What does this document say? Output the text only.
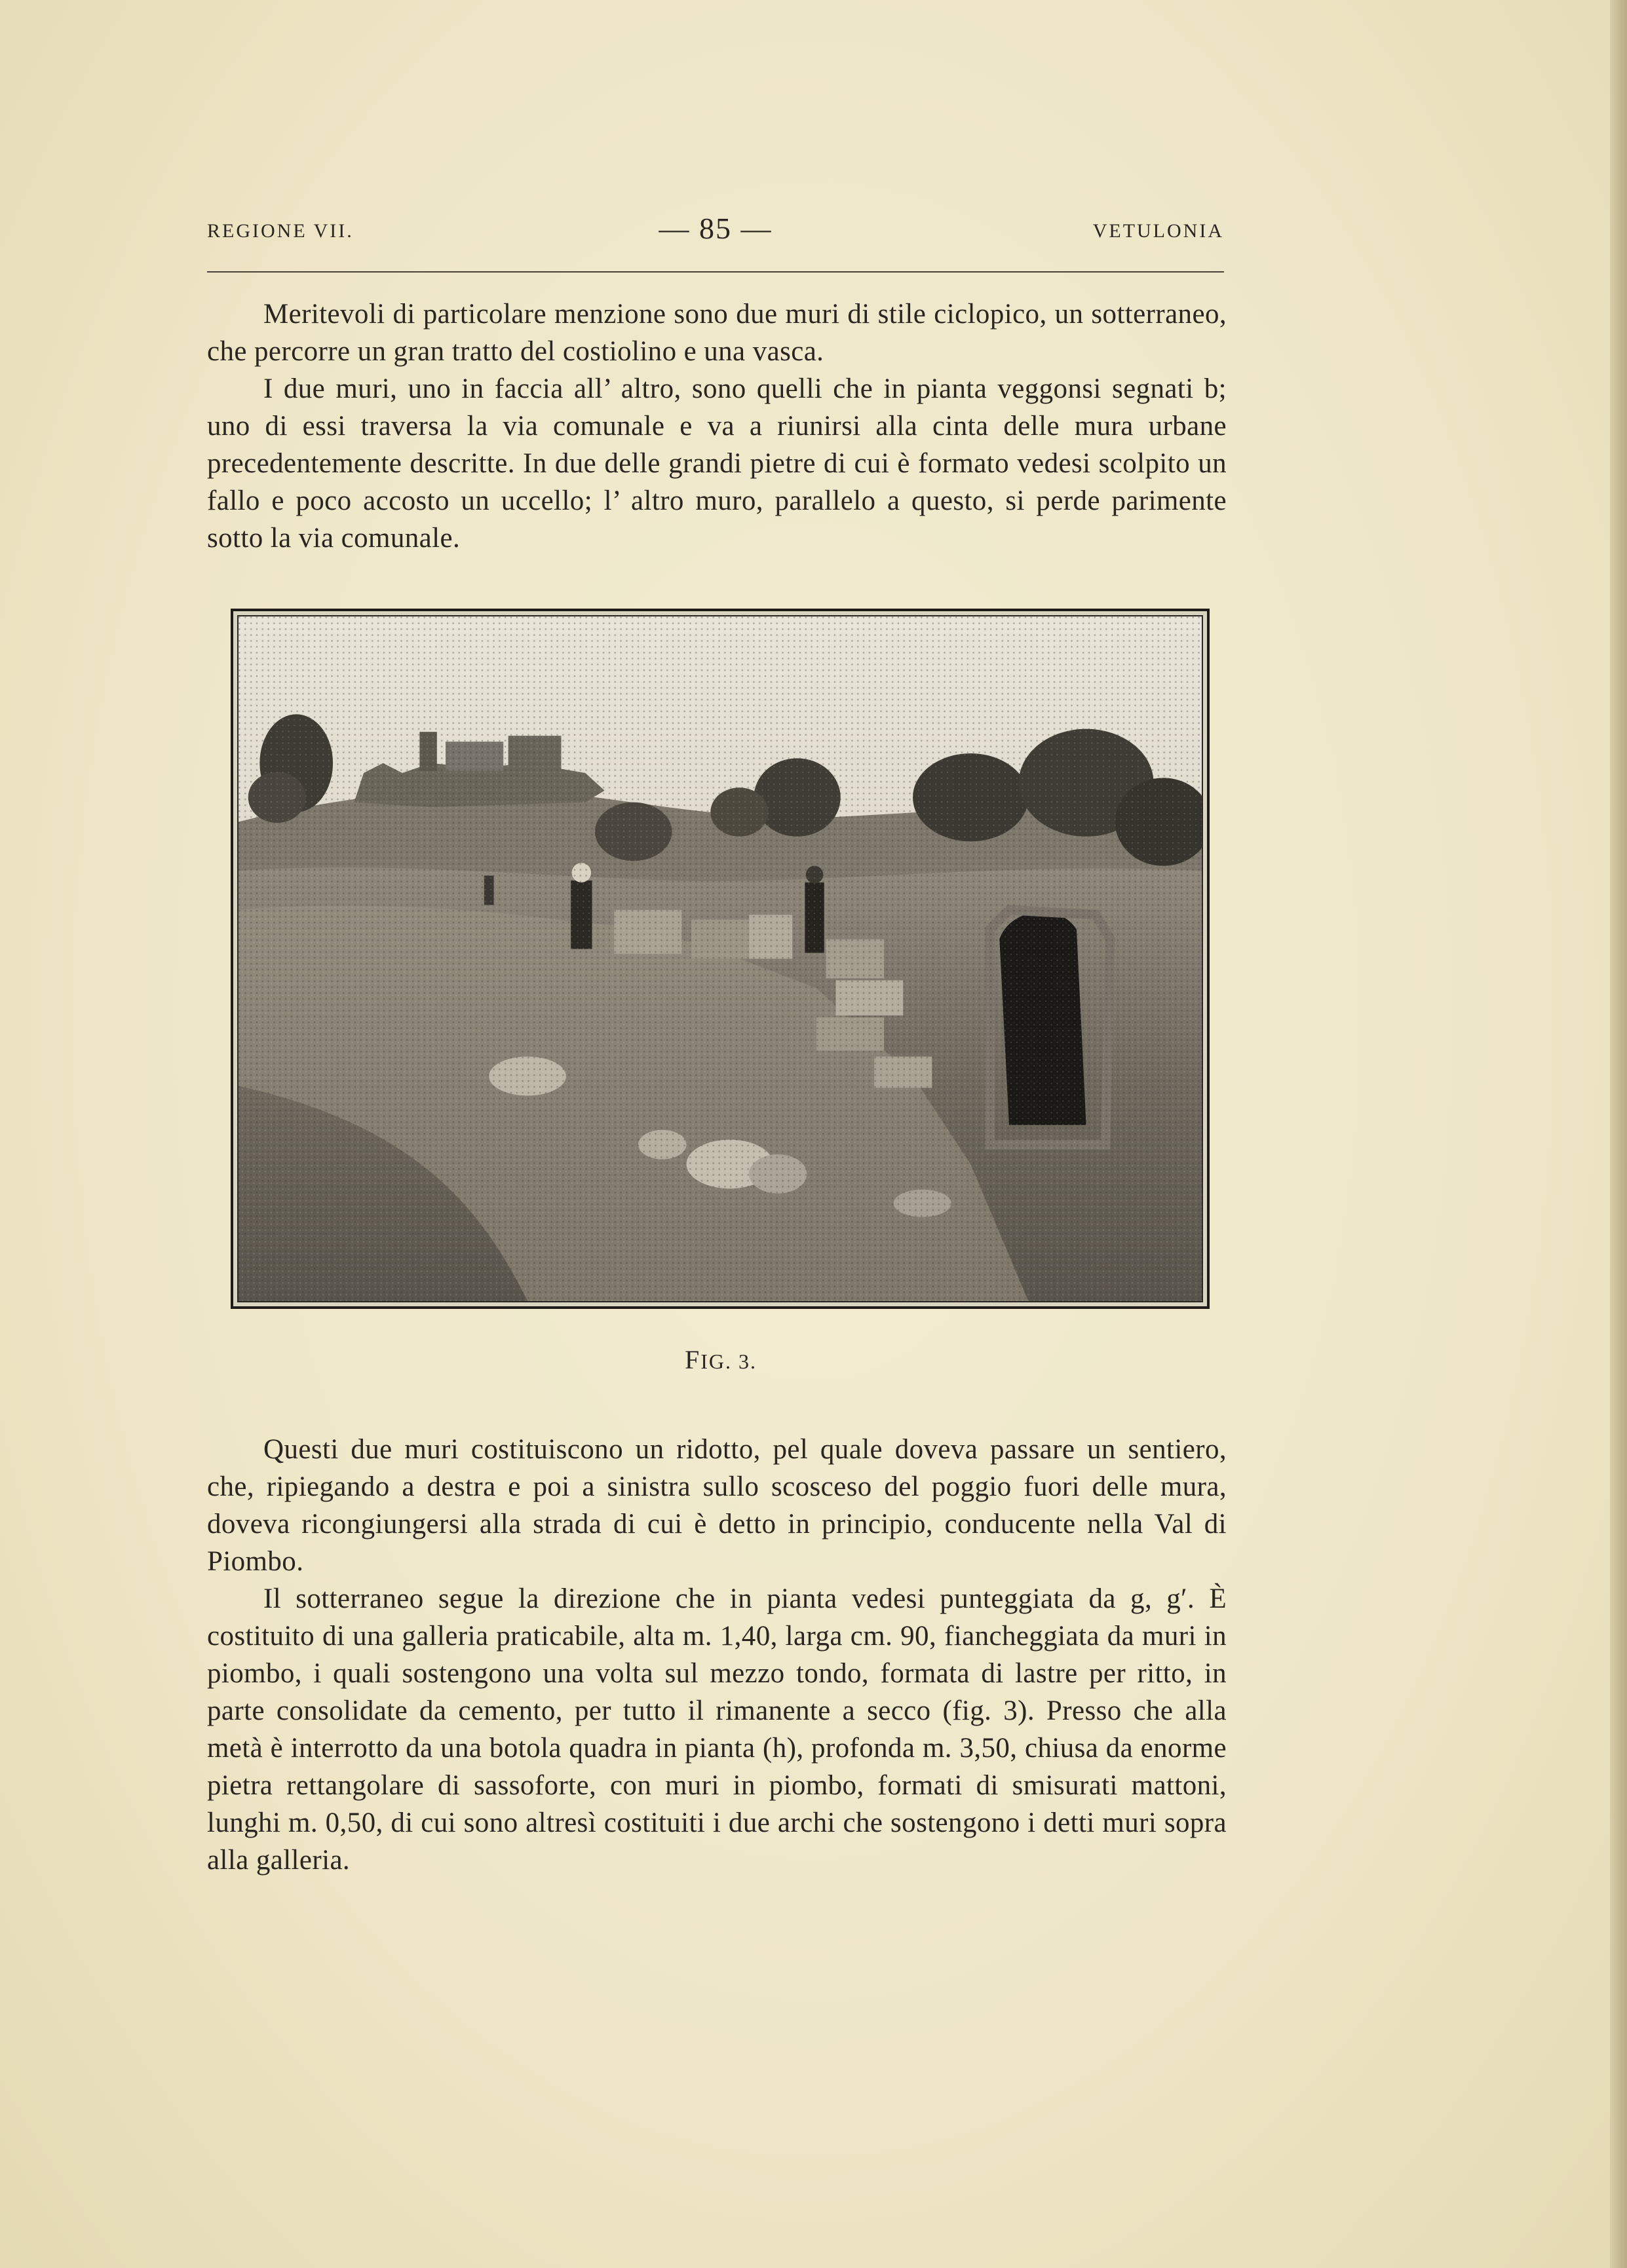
REGIONE VII.	— 85 —	VETULONIA

Meritevoli di particolare menzione sono due muri di stile ciclopico, un sotterraneo, che percorre un gran tratto del costiolino e una vasca.

I due muri, uno in faccia all’ altro, sono quelli che in pianta veggonsi segnati b; uno di essi traversa la via comunale e va a riunirsi alla cinta delle mura urbane precedentemente descritte. In due delle grandi pietre di cui è formato vedesi scolpito un fallo e poco accosto un uccello; l’ altro muro, parallelo a questo, si perde parimente sotto la via comunale.

FIG. 3.

Questi due muri costituiscono un ridotto, pel quale doveva passare un sentiero, che, ripiegando a destra e poi a sinistra sullo scosceso del poggio fuori delle mura, doveva ricongiungersi alla strada di cui è detto in principio, conducente nella Val di Piombo.

Il sotterraneo segue la direzione che in pianta vedesi punteggiata da g, g′. È costituito di una galleria praticabile, alta m. 1,40, larga cm. 90, fiancheggiata da muri in piombo, i quali sostengono una volta sul mezzo tondo, formata di lastre per ritto, in parte consolidate da cemento, per tutto il rimanente a secco (fig. 3). Presso che alla metà è interrotto da una botola quadra in pianta (h), profonda m. 3,50, chiusa da enorme pietra rettangolare di sassoforte, con muri in piombo, formati di smisurati mattoni, lunghi m. 0,50, di cui sono altresì costituiti i due archi che sostengono i detti muri sopra alla galleria.
